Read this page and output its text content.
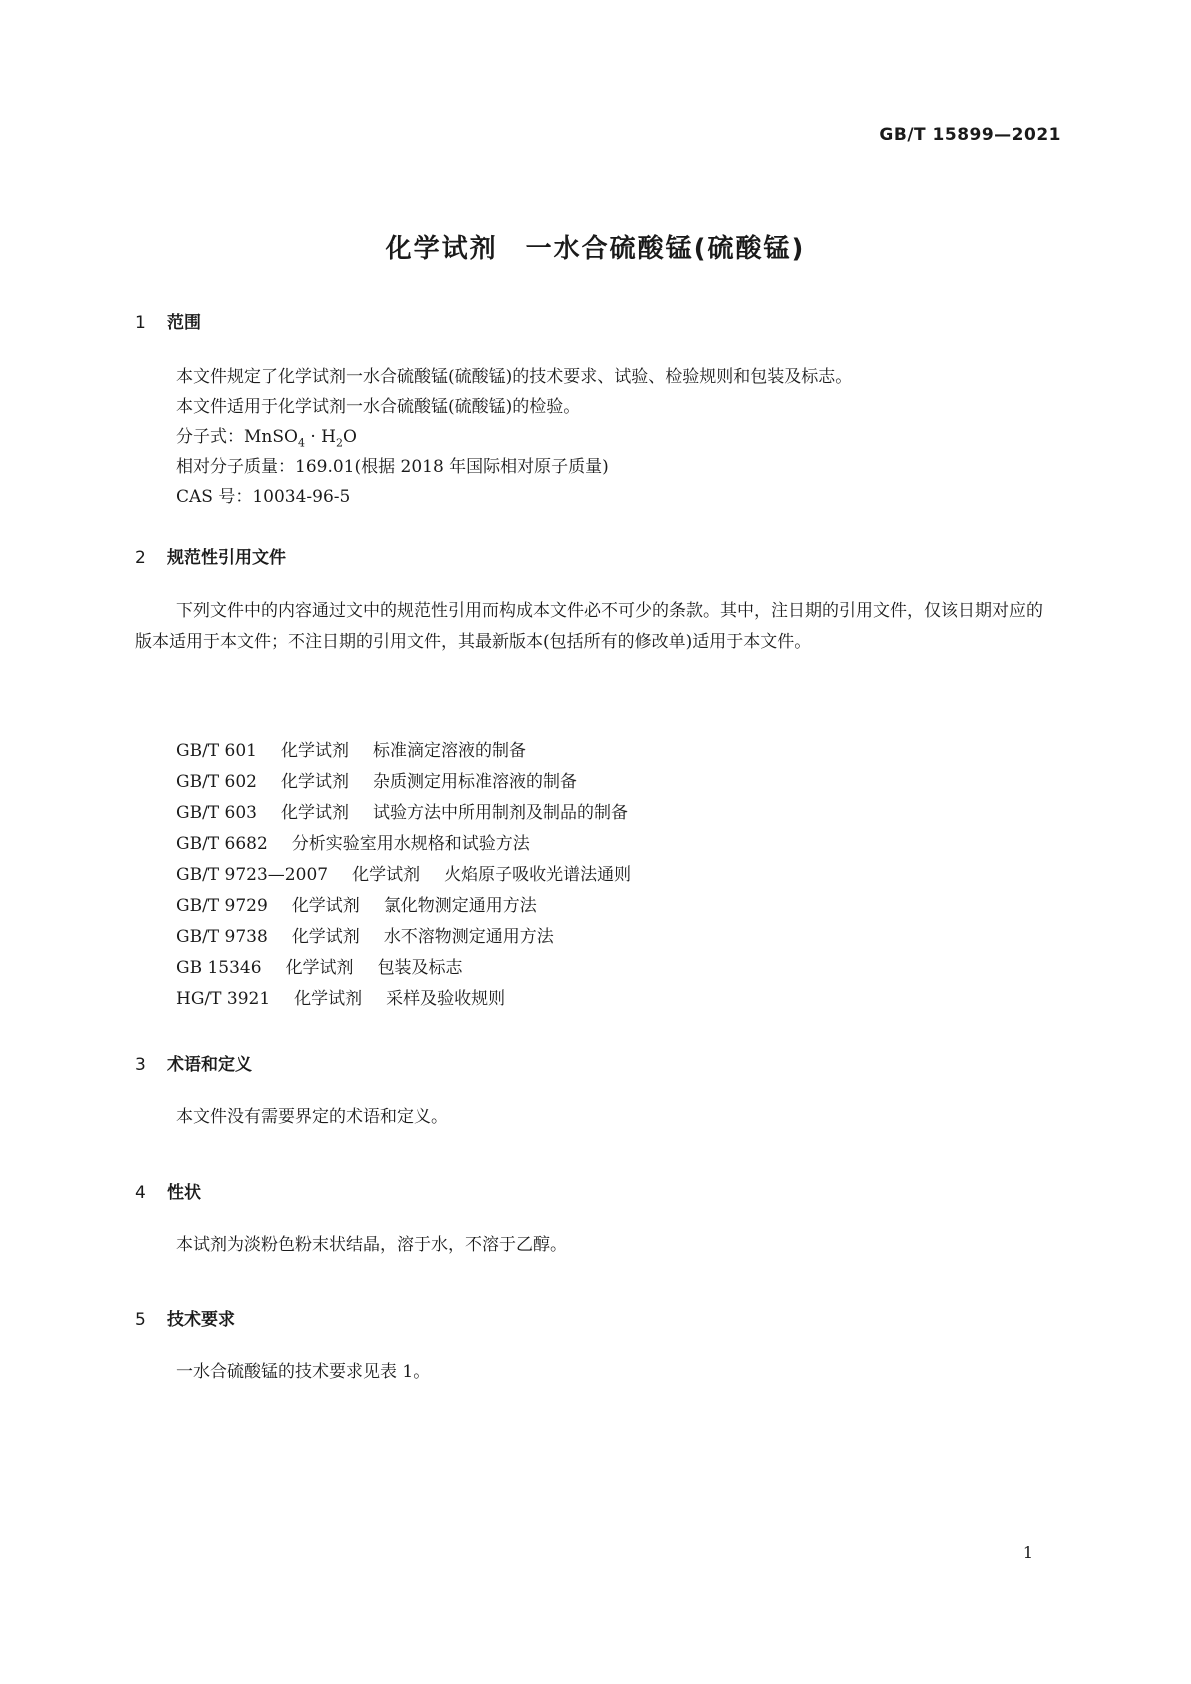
GB/T 15899—2021
化学试剂　一水合硫酸锰(硫酸锰)
1 范围
本文件规定了化学试剂一水合硫酸锰(硫酸锰)的技术要求、试验、检验规则和包装及标志。
本文件适用于化学试剂一水合硫酸锰(硫酸锰)的检验。
分子式：MnSO$_4$ · $H_2O$
相对分子质量：169.01(根据 2018 年国际相对原子质量)
CAS 号：10034-96-5
2 规范性引用文件
下列文件中的内容通过文中的规范性引用而构成本文件必不可少的条款。其中，注日期的引用文件，仅该日期对应的版本适用于本文件；不注日期的引用文件，其最新版本(包括所有的修改单)适用于本文件。
GB/T 601 化学试剂 标准滴定溶液的制备
GB/T 602 化学试剂 杂质测定用标准溶液的制备
GB/T 603 化学试剂 试验方法中所用制剂及制品的制备
GB/T 6682 分析实验室用水规格和试验方法
GB/T 9723—2007 化学试剂 火焰原子吸收光谱法通则
GB/T 9729 化学试剂 氯化物测定通用方法
GB/T 9738 化学试剂 水不溶物测定通用方法
GB 15346 化学试剂 包装及标志
HG/T 3921 化学试剂 采样及验收规则
3 术语和定义
本文件没有需要界定的术语和定义。
4 性状
本试剂为淡粉色粉末状结晶，溶于水，不溶于乙醇。
5 技术要求
一水合硫酸锰的技术要求见表 1。
1
